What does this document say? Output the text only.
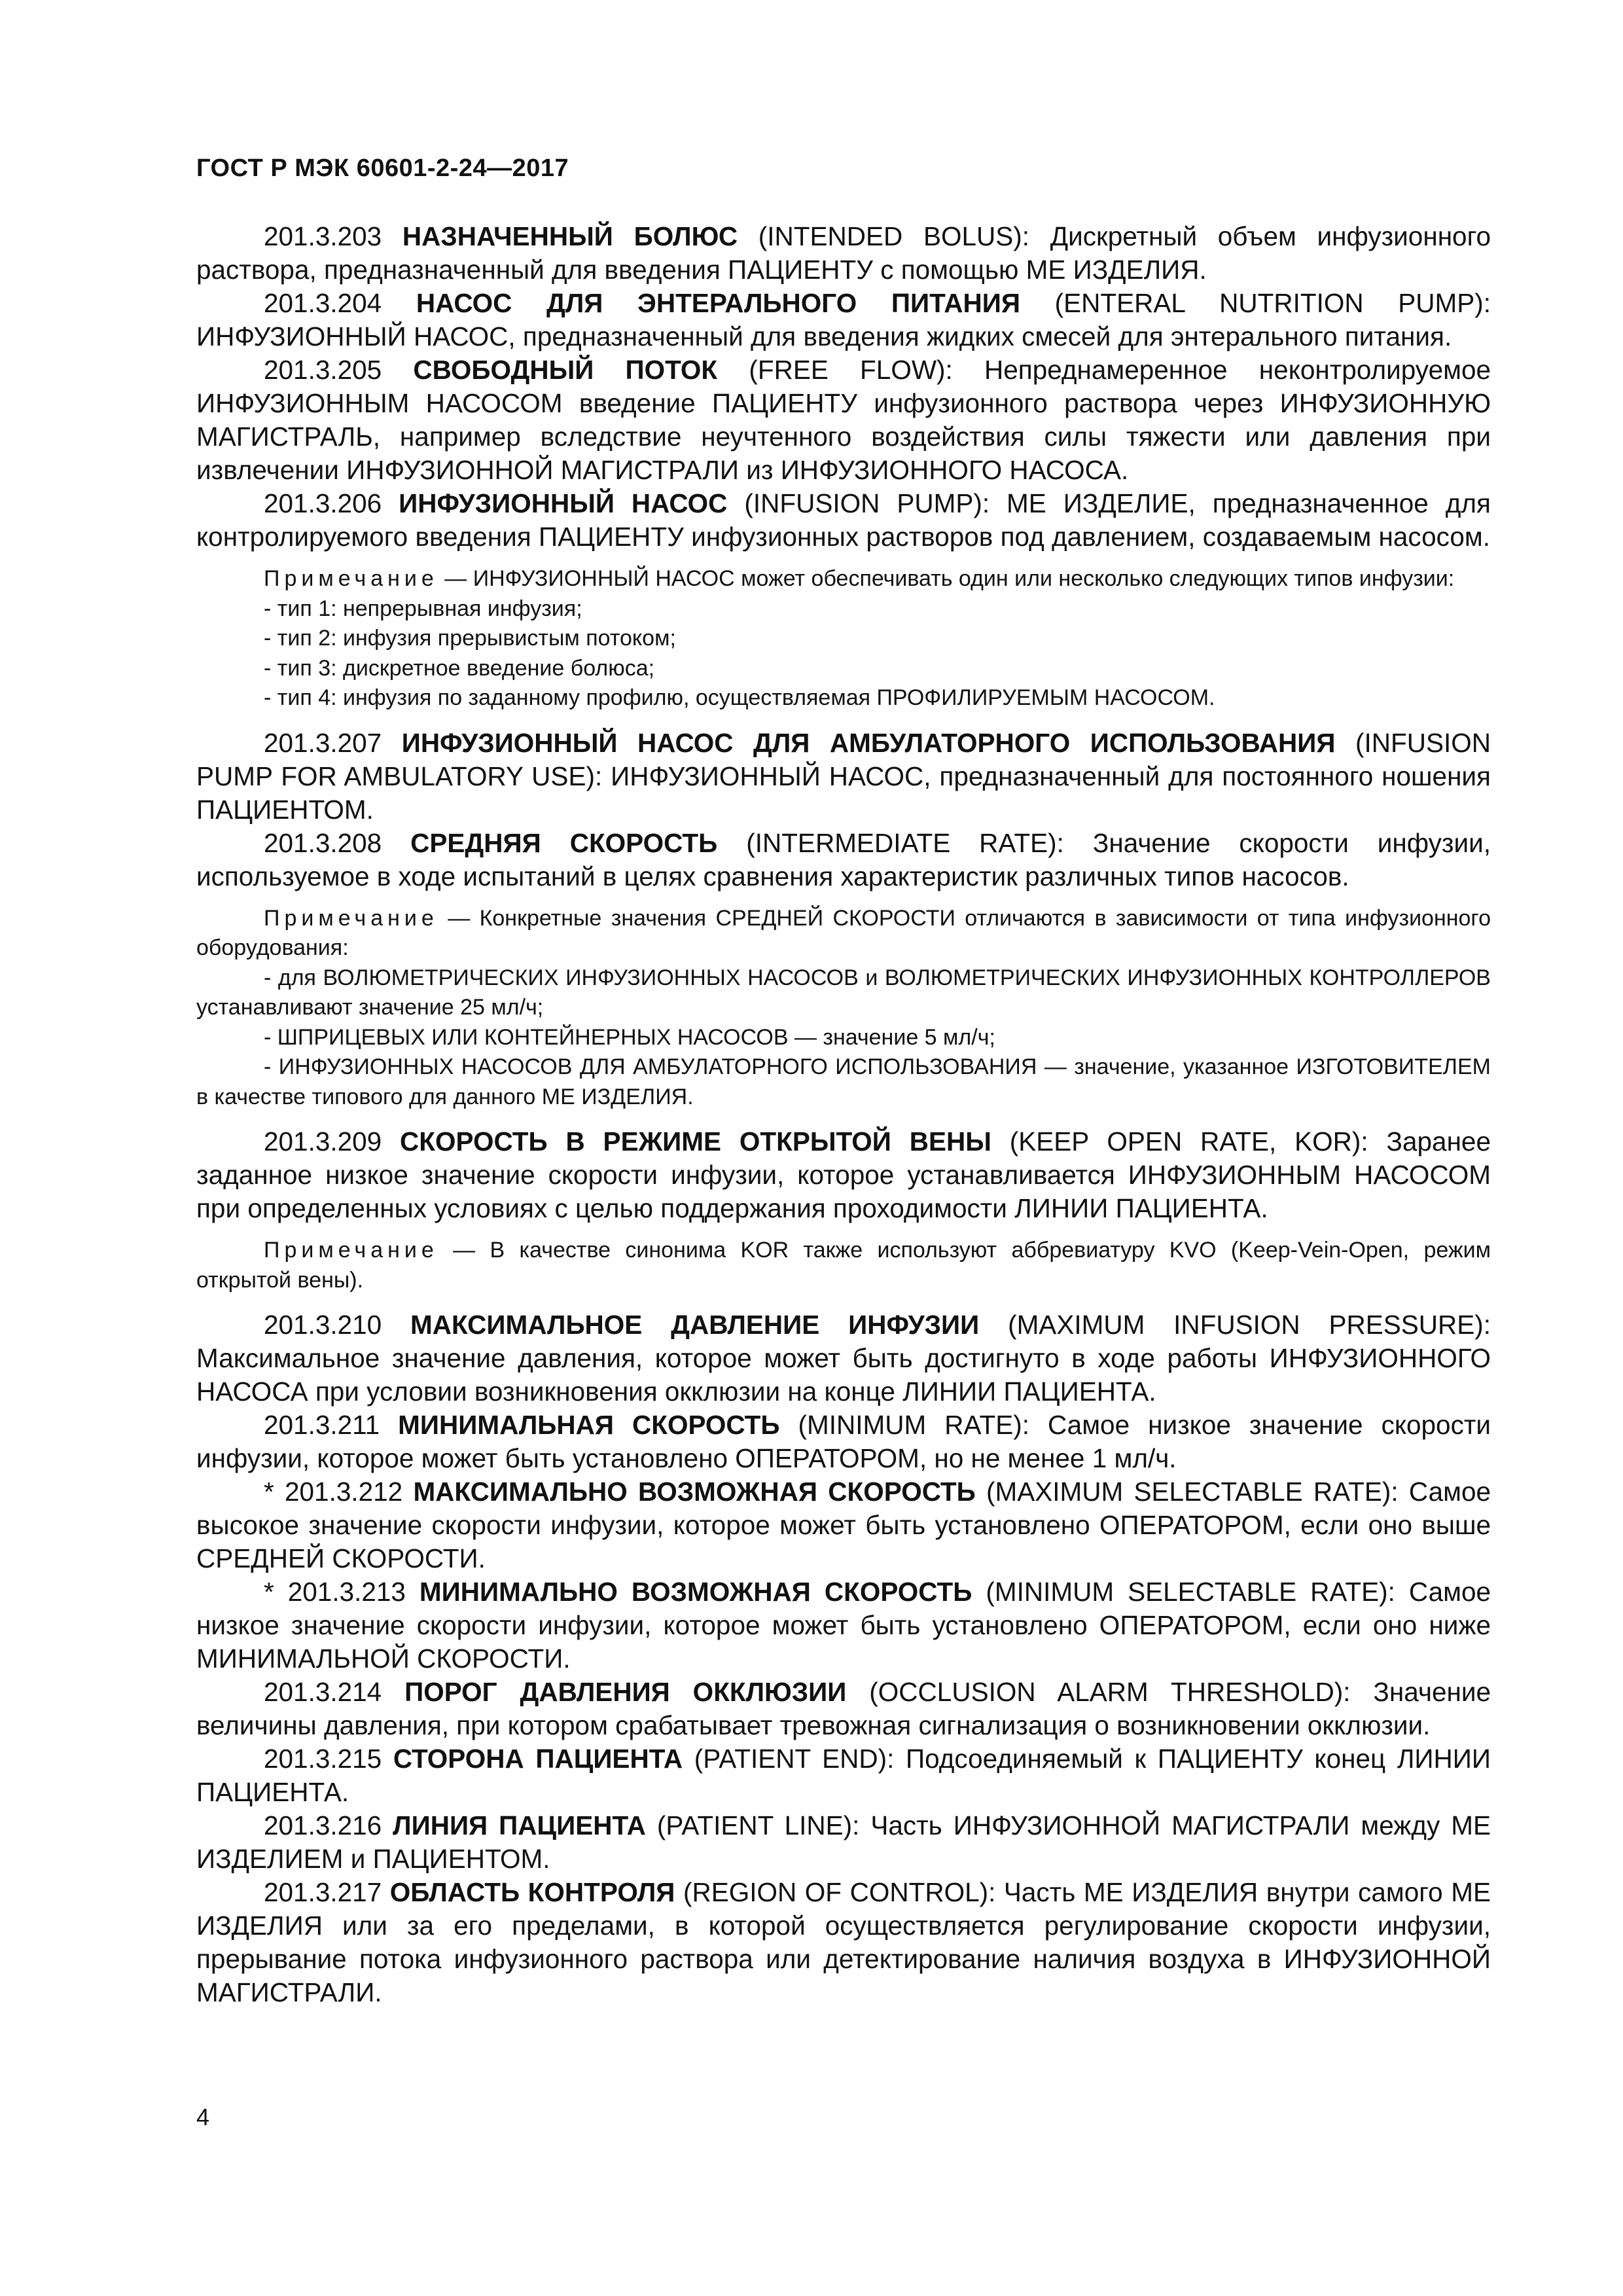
ГОСТ Р МЭК 60601-2-24—2017

201.3.203 НАЗНАЧЕННЫЙ БОЛЮС (INTENDED BOLUS): Дискретный объем инфузионного раствора, предназначенный для введения ПАЦИЕНТУ с помощью МЕ ИЗДЕЛИЯ.

201.3.204 НАСОС ДЛЯ ЭНТЕРАЛЬНОГО ПИТАНИЯ (ENTERAL NUTRITION PUMP): ИНФУЗИОННЫЙ НАСОС, предназначенный для введения жидких смесей для энтерального питания.

201.3.205 СВОБОДНЫЙ ПОТОК (FREE FLOW): Непреднамеренное неконтролируемое ИНФУЗИОННЫМ НАСОСОМ введение ПАЦИЕНТУ инфузионного раствора через ИНФУЗИОННУЮ МАГИСТРАЛЬ, например вследствие неучтенного воздействия силы тяжести или давления при извлечении ИНФУЗИОННОЙ МАГИСТРАЛИ из ИНФУЗИОННОГО НАСОСА.

201.3.206 ИНФУЗИОННЫЙ НАСОС (INFUSION PUMP): МЕ ИЗДЕЛИЕ, предназначенное для контролируемого введения ПАЦИЕНТУ инфузионных растворов под давлением, создаваемым насосом.

Примечание — ИНФУЗИОННЫЙ НАСОС может обеспечивать один или несколько следующих типов инфузии:

- тип 1: непрерывная инфузия;

- тип 2: инфузия прерывистым потоком;

- тип 3: дискретное введение болюса;

- тип 4: инфузия по заданному профилю, осуществляемая ПРОФИЛИРУЕМЫМ НАСОСОМ.

201.3.207 ИНФУЗИОННЫЙ НАСОС ДЛЯ АМБУЛАТОРНОГО ИСПОЛЬЗОВАНИЯ (INFUSION PUMP FOR AMBULATORY USE): ИНФУЗИОННЫЙ НАСОС, предназначенный для постоянного ношения ПАЦИЕНТОМ.

201.3.208 СРЕДНЯЯ СКОРОСТЬ (INTERMEDIATE RATE): Значение скорости инфузии, используемое в ходе испытаний в целях сравнения характеристик различных типов насосов.

Примечание — Конкретные значения СРЕДНЕЙ СКОРОСТИ отличаются в зависимости от типа инфузионного оборудования:

- для ВОЛЮМЕТРИЧЕСКИХ ИНФУЗИОННЫХ НАСОСОВ и ВОЛЮМЕТРИЧЕСКИХ ИНФУЗИОННЫХ КОНТРОЛЛЕРОВ устанавливают значение 25 мл/ч;

- ШПРИЦЕВЫХ ИЛИ КОНТЕЙНЕРНЫХ НАСОСОВ — значение 5 мл/ч;

- ИНФУЗИОННЫХ НАСОСОВ ДЛЯ АМБУЛАТОРНОГО ИСПОЛЬЗОВАНИЯ — значение, указанное ИЗГОТОВИТЕЛЕМ в качестве типового для данного МЕ ИЗДЕЛИЯ.

201.3.209 СКОРОСТЬ В РЕЖИМЕ ОТКРЫТОЙ ВЕНЫ (KEEP OPEN RATE, KOR): Заранее заданное низкое значение скорости инфузии, которое устанавливается ИНФУЗИОННЫМ НАСОСОМ при определенных условиях с целью поддержания проходимости ЛИНИИ ПАЦИЕНТА.

Примечание — В качестве синонима KOR также используют аббревиатуру KVO (Keep-Vein-Open, режим открытой вены).

201.3.210 МАКСИМАЛЬНОЕ ДАВЛЕНИЕ ИНФУЗИИ (MAXIMUM INFUSION PRESSURE): Максимальное значение давления, которое может быть достигнуто в ходе работы ИНФУЗИОННОГО НАСОСА при условии возникновения окклюзии на конце ЛИНИИ ПАЦИЕНТА.

201.3.211 МИНИМАЛЬНАЯ СКОРОСТЬ (MINIMUM RATE): Самое низкое значение скорости инфузии, которое может быть установлено ОПЕРАТОРОМ, но не менее 1 мл/ч.

* 201.3.212 МАКСИМАЛЬНО ВОЗМОЖНАЯ СКОРОСТЬ (MAXIMUM SELECTABLE RATE): Самое высокое значение скорости инфузии, которое может быть установлено ОПЕРАТОРОМ, если оно выше СРЕДНЕЙ СКОРОСТИ.

* 201.3.213 МИНИМАЛЬНО ВОЗМОЖНАЯ СКОРОСТЬ (MINIMUM SELECTABLE RATE): Самое низкое значение скорости инфузии, которое может быть установлено ОПЕРАТОРОМ, если оно ниже МИНИМАЛЬНОЙ СКОРОСТИ.

201.3.214 ПОРОГ ДАВЛЕНИЯ ОККЛЮЗИИ (OCCLUSION ALARM THRESHOLD): Значение величины давления, при котором срабатывает тревожная сигнализация о возникновении окклюзии.

201.3.215 СТОРОНА ПАЦИЕНТА (PATIENT END): Подсоединяемый к ПАЦИЕНТУ конец ЛИНИИ ПАЦИЕНТА.

201.3.216 ЛИНИЯ ПАЦИЕНТА (PATIENT LINE): Часть ИНФУЗИОННОЙ МАГИСТРАЛИ между МЕ ИЗДЕЛИЕМ и ПАЦИЕНТОМ.

201.3.217 ОБЛАСТЬ КОНТРОЛЯ (REGION OF CONTROL): Часть МЕ ИЗДЕЛИЯ внутри самого МЕ ИЗДЕЛИЯ или за его пределами, в которой осуществляется регулирование скорости инфузии, прерывание потока инфузионного раствора или детектирование наличия воздуха в ИНФУЗИОННОЙ МАГИСТРАЛИ.

4
